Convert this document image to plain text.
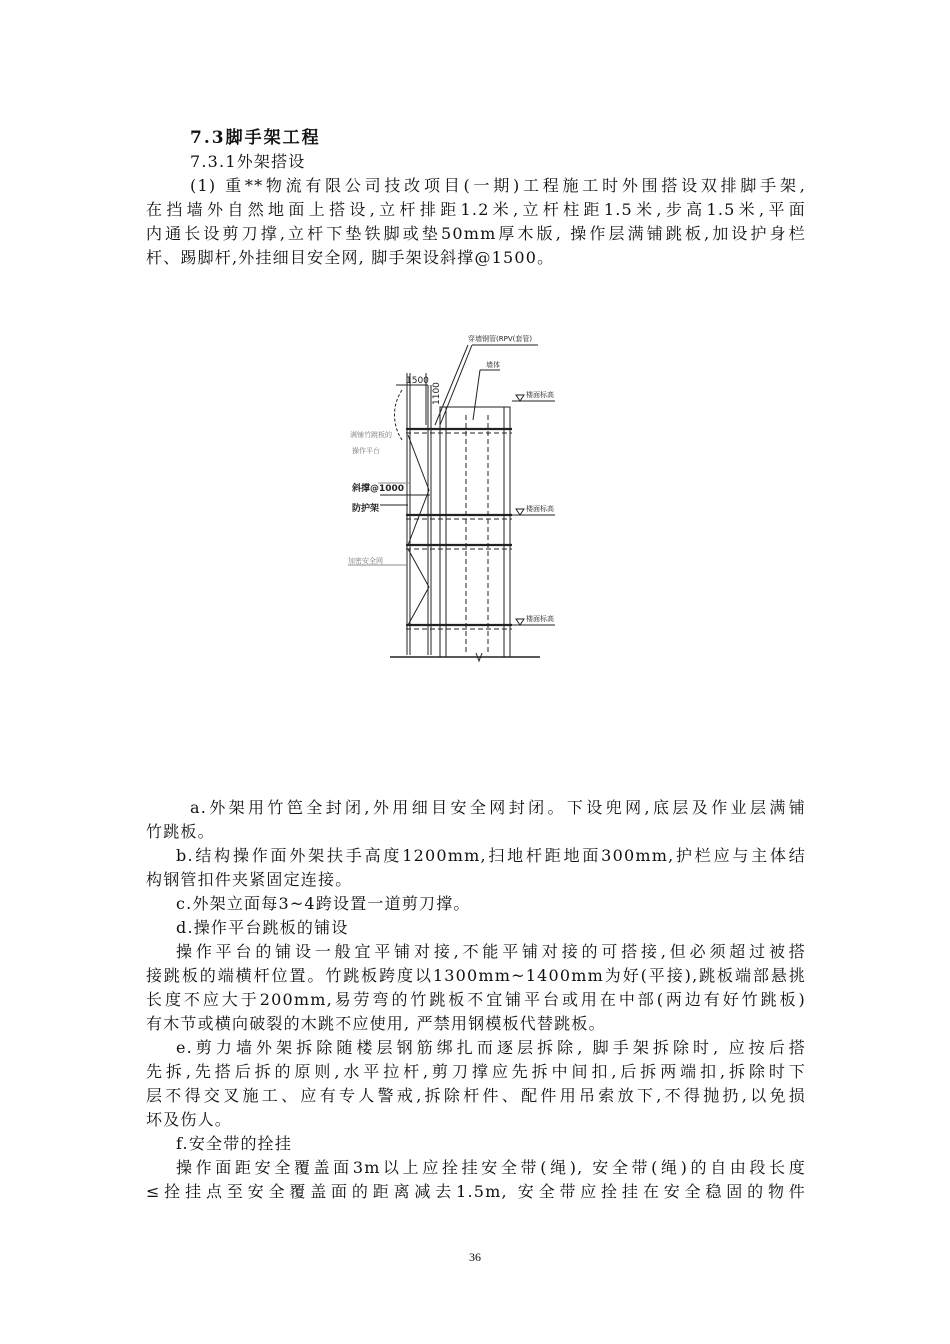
7.3脚手架工程
7.3.1外架搭设
(1) 重**物流有限公司技改项目(一期)工程施工时外围搭设双排脚手架,
在挡墙外自然地面上搭设,立杆排距1.2米,立杆柱距1.5米,步高1.5米,平面
内通长设剪刀撑,立杆下垫铁脚或垫50mm厚木版, 操作层满铺跳板,加设护身栏
杆、踢脚杆,外挂细目安全网, 脚手架设斜撑@1500。
穿墙钢管(RPV(套管)
墙体
楼面标高
楼面标高
楼面标高
1500
1100
满铺竹跳板的
操作平台
斜撑@1000
防护架
加密安全网
a.外架用竹笆全封闭,外用细目安全网封闭。下设兜网,底层及作业层满铺
竹跳板。
b.结构操作面外架扶手高度1200mm,扫地杆距地面300mm,护栏应与主体结
构钢管扣件夹紧固定连接。
c.外架立面每3~4跨设置一道剪刀撑。
d.操作平台跳板的铺设
操作平台的铺设一般宜平铺对接,不能平铺对接的可搭接,但必须超过被搭
接跳板的端横杆位置。竹跳板跨度以1300mm~1400mm为好(平接),跳板端部悬挑
长度不应大于200mm,易劳弯的竹跳板不宜铺平台或用在中部(两边有好竹跳板)
有木节或横向破裂的木跳不应使用, 严禁用钢模板代替跳板。
e.剪力墙外架拆除随楼层钢筋绑扎而逐层拆除, 脚手架拆除时, 应按后搭
先拆,先搭后拆的原则,水平拉杆,剪刀撑应先拆中间扣,后拆两端扣,拆除时下
层不得交叉施工、应有专人警戒,拆除杆件、配件用吊索放下,不得抛扔,以免损
坏及伤人。
f.安全带的拴挂
操作面距安全覆盖面3m以上应拴挂安全带(绳), 安全带(绳)的自由段长度
≤拴挂点至安全覆盖面的距离减去1.5m, 安全带应拴挂在安全稳固的物件
36
